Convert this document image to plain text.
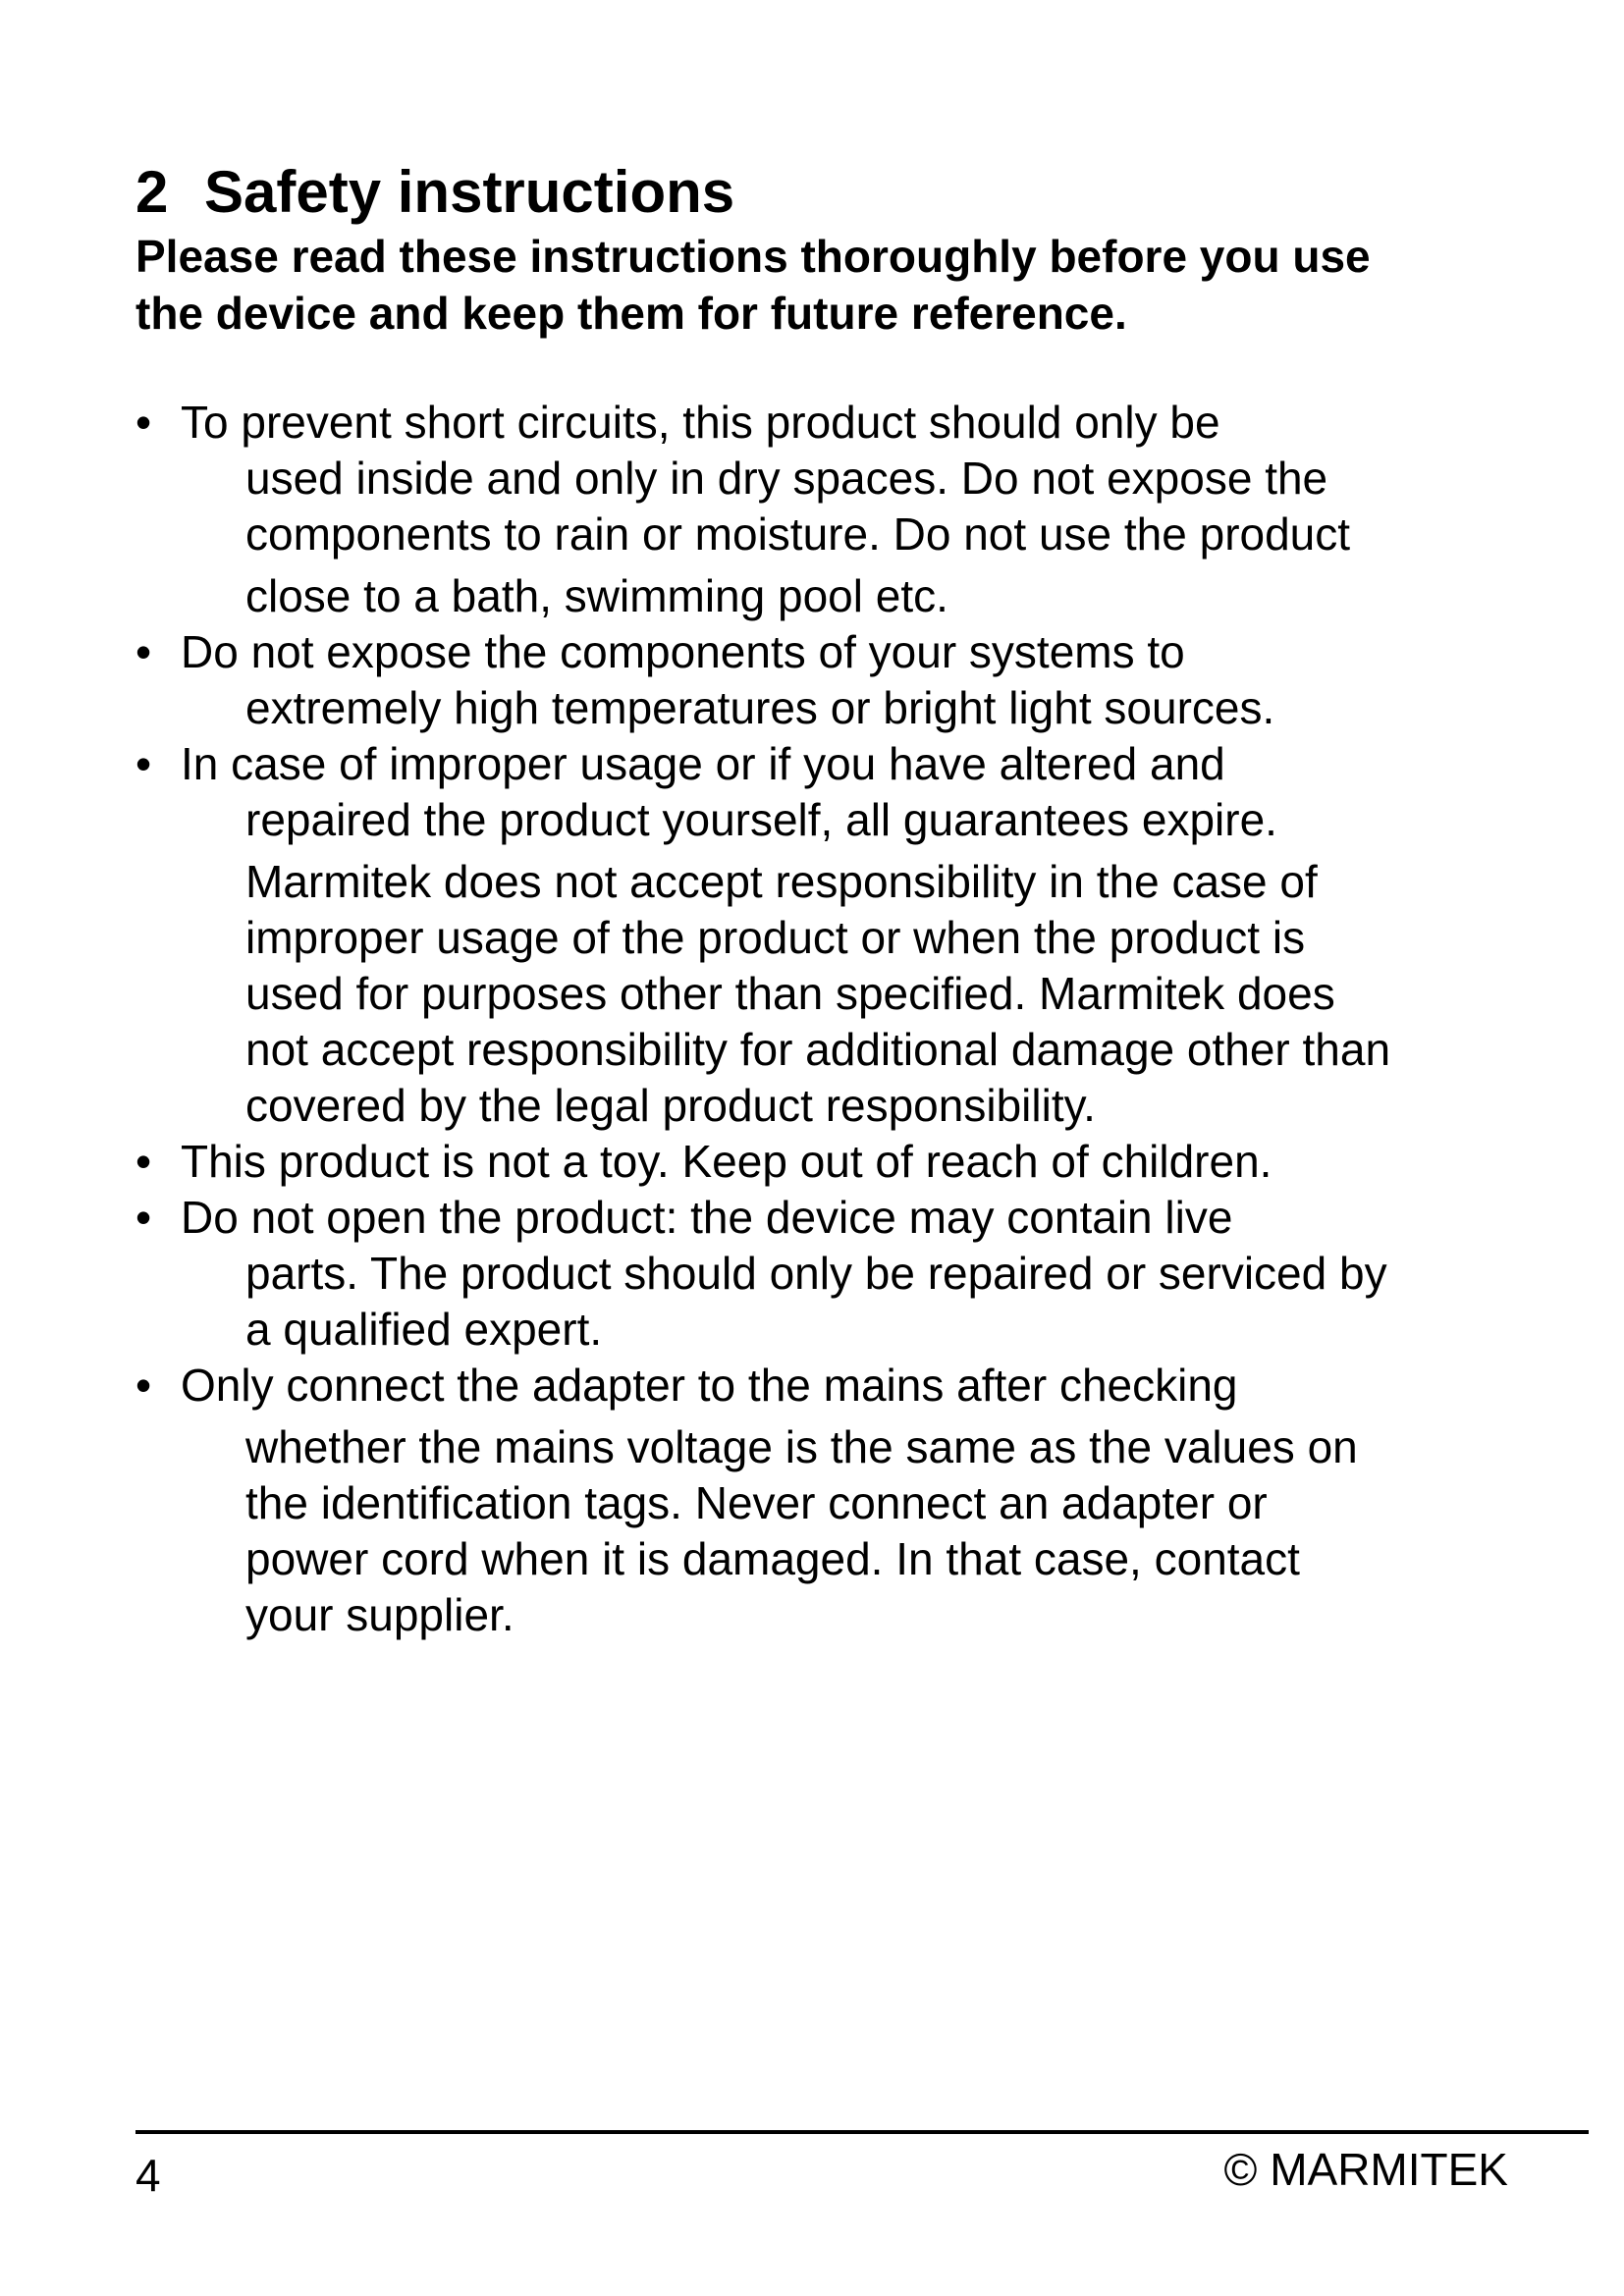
2 Safety instructions

Please read these instructions thoroughly before you use
the device and keep them for future reference.

• To prevent short circuits, this product should only be
used inside and only in dry spaces. Do not expose the
components to rain or moisture. Do not use the product
close to a bath, swimming pool etc.
• Do not expose the components of your systems to
extremely high temperatures or bright light sources.
• In case of improper usage or if you have altered and
repaired the product yourself, all guarantees expire.
Marmitek does not accept responsibility in the case of
improper usage of the product or when the product is
used for purposes other than specified. Marmitek does
not accept responsibility for additional damage other than
covered by the legal product responsibility.
• This product is not a toy. Keep out of reach of children.
• Do not open the product: the device may contain live
parts. The product should only be repaired or serviced by
a qualified expert.
• Only connect the adapter to the mains after checking
whether the mains voltage is the same as the values on
the identification tags. Never connect an adapter or
power cord when it is damaged. In that case, contact
your supplier.
4	© MARMITEK
